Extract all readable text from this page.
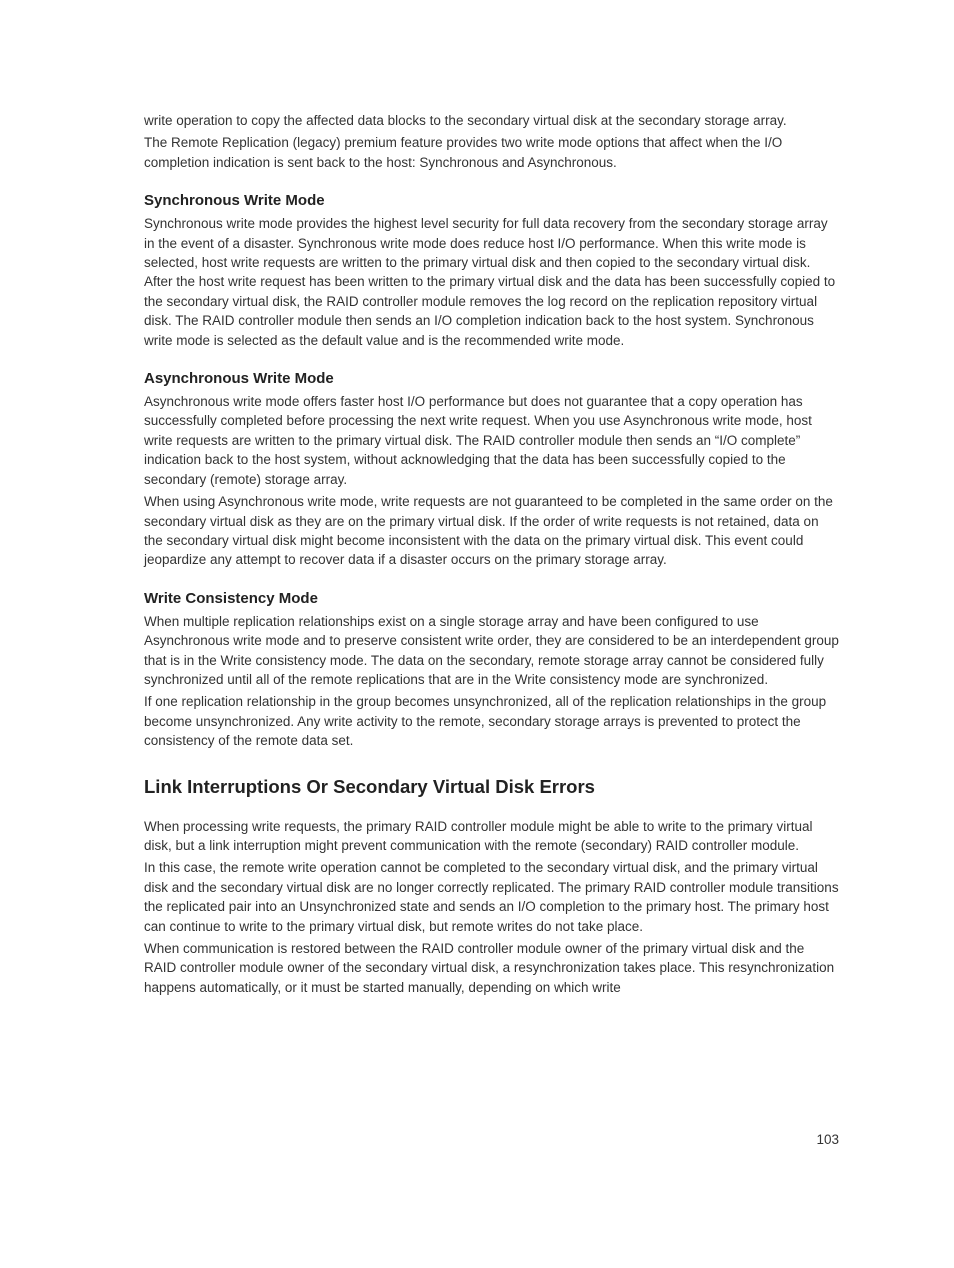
write operation to copy the affected data blocks to the secondary virtual disk at the secondary storage array.

The Remote Replication (legacy) premium feature provides two write mode options that affect when the I/O completion indication is sent back to the host: Synchronous and Asynchronous.

Synchronous Write Mode

Synchronous write mode provides the highest level security for full data recovery from the secondary storage array in the event of a disaster. Synchronous write mode does reduce host I/O performance. When this write mode is selected, host write requests are written to the primary virtual disk and then copied to the secondary virtual disk. After the host write request has been written to the primary virtual disk and the data has been successfully copied to the secondary virtual disk, the RAID controller module removes the log record on the replication repository virtual disk. The RAID controller module then sends an I/O completion indication back to the host system. Synchronous write mode is selected as the default value and is the recommended write mode.

Asynchronous Write Mode

Asynchronous write mode offers faster host I/O performance but does not guarantee that a copy operation has successfully completed before processing the next write request. When you use Asynchronous write mode, host write requests are written to the primary virtual disk. The RAID controller module then sends an “I/O complete” indication back to the host system, without acknowledging that the data has been successfully copied to the secondary (remote) storage array.

When using Asynchronous write mode, write requests are not guaranteed to be completed in the same order on the secondary virtual disk as they are on the primary virtual disk. If the order of write requests is not retained, data on the secondary virtual disk might become inconsistent with the data on the primary virtual disk. This event could jeopardize any attempt to recover data if a disaster occurs on the primary storage array.

Write Consistency Mode

When multiple replication relationships exist on a single storage array and have been configured to use Asynchronous write mode and to preserve consistent write order, they are considered to be an interdependent group that is in the Write consistency mode. The data on the secondary, remote storage array cannot be considered fully synchronized until all of the remote replications that are in the Write consistency mode are synchronized.

If one replication relationship in the group becomes unsynchronized, all of the replication relationships in the group become unsynchronized. Any write activity to the remote, secondary storage arrays is prevented to protect the consistency of the remote data set.

Link Interruptions Or Secondary Virtual Disk Errors

When processing write requests, the primary RAID controller module might be able to write to the primary virtual disk, but a link interruption might prevent communication with the remote (secondary) RAID controller module.

In this case, the remote write operation cannot be completed to the secondary virtual disk, and the primary virtual disk and the secondary virtual disk are no longer correctly replicated. The primary RAID controller module transitions the replicated pair into an Unsynchronized state and sends an I/O completion to the primary host. The primary host can continue to write to the primary virtual disk, but remote writes do not take place.

When communication is restored between the RAID controller module owner of the primary virtual disk and the RAID controller module owner of the secondary virtual disk, a resynchronization takes place. This resynchronization happens automatically, or it must be started manually, depending on which write

103
